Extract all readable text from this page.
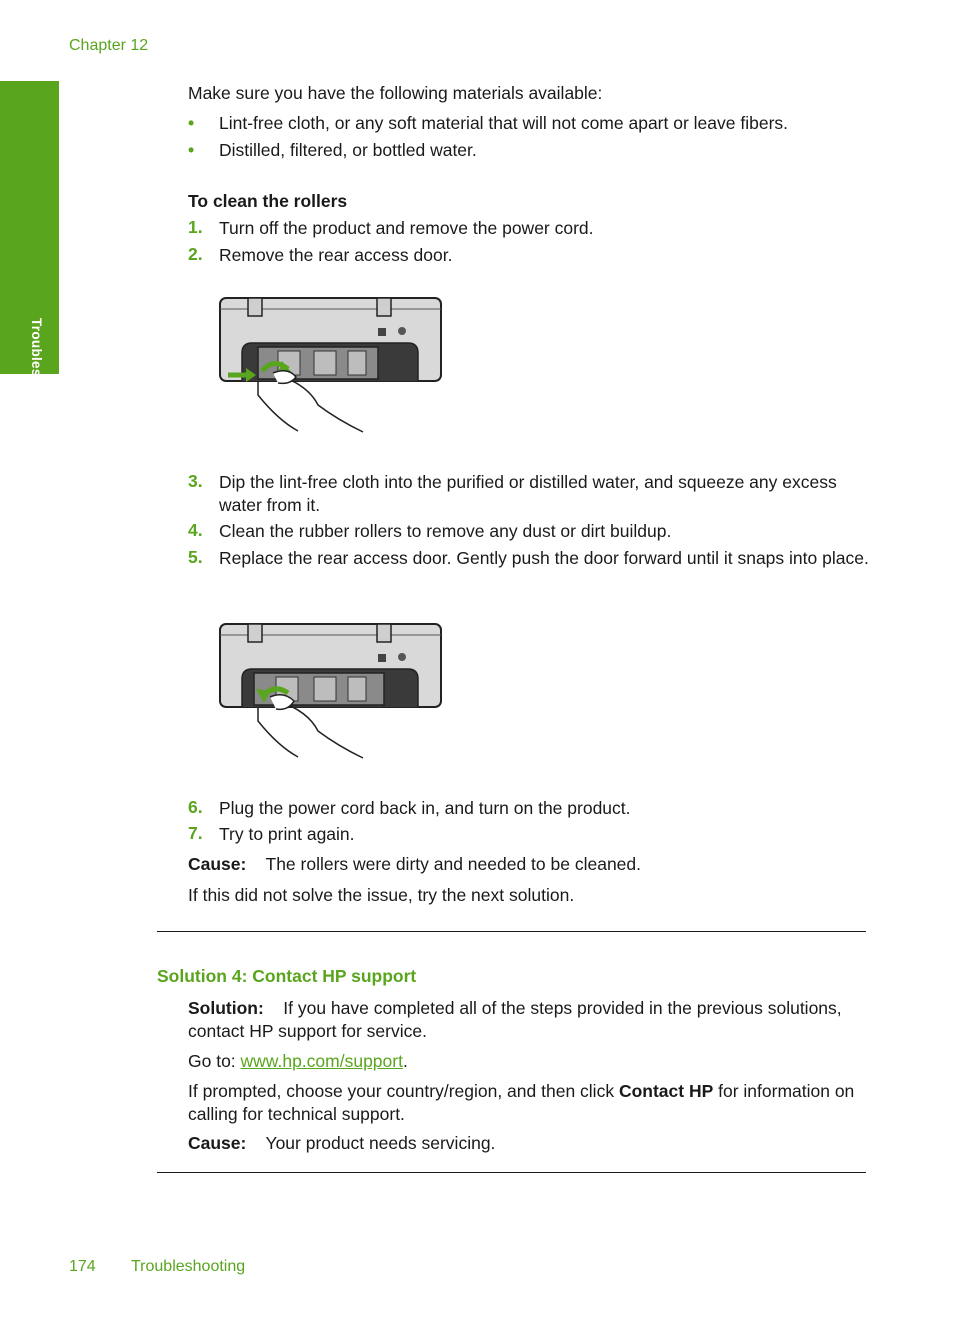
Chapter 12
Troubleshooting
Make sure you have the following materials available:
• Lint-free cloth, or any soft material that will not come apart or leave fibers.
• Distilled, filtered, or bottled water.
To clean the rollers
1. Turn off the product and remove the power cord.
2. Remove the rear access door.
3. Dip the lint-free cloth into the purified or distilled water, and squeeze any excess water from it.
4. Clean the rubber rollers to remove any dust or dirt buildup.
5. Replace the rear access door. Gently push the door forward until it snaps into place.
6. Plug the power cord back in, and turn on the product.
7. Try to print again.
Cause: The rollers were dirty and needed to be cleaned.
If this did not solve the issue, try the next solution.
Solution 4: Contact HP support
Solution: If you have completed all of the steps provided in the previous solutions, contact HP support for service.
Go to: www.hp.com/support.
If prompted, choose your country/region, and then click Contact HP for information on calling for technical support.
Cause: Your product needs servicing.
174 Troubleshooting
